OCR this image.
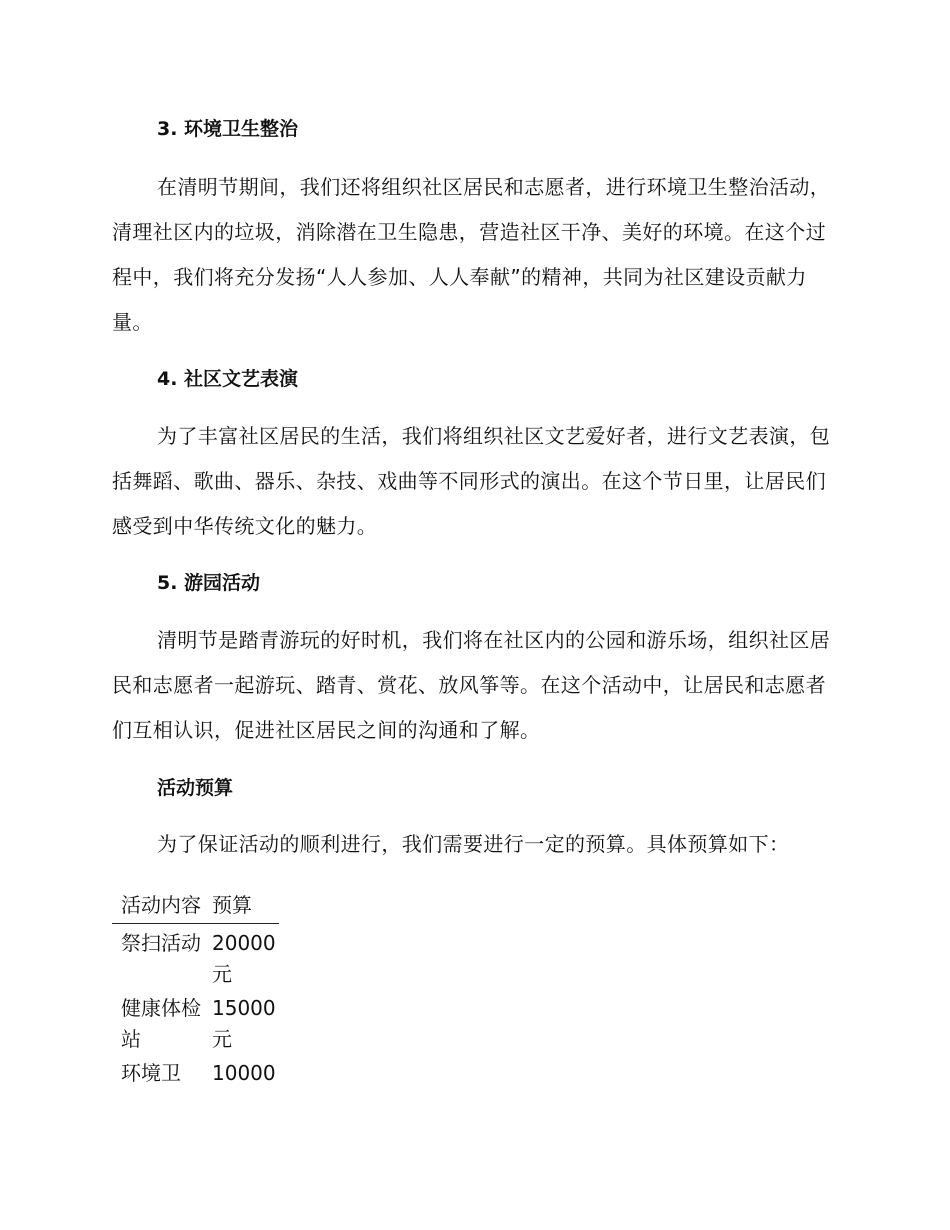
3. 环境卫生整治

在清明节期间，我们还将组织社区居民和志愿者，进行环境卫生整治活动，清理社区内的垃圾，消除潜在卫生隐患，营造社区干净、美好的环境。在这个过程中，我们将充分发扬“人人参加、人人奉献”的精神，共同为社区建设贡献力量。

4. 社区文艺表演

为了丰富社区居民的生活，我们将组织社区文艺爱好者，进行文艺表演，包括舞蹈、歌曲、器乐、杂技、戏曲等不同形式的演出。在这个节日里，让居民们感受到中华传统文化的魅力。

5. 游园活动

清明节是踏青游玩的好时机，我们将在社区内的公园和游乐场，组织社区居民和志愿者一起游玩、踏青、赏花、放风筝等。在这个活动中，让居民和志愿者们互相认识，促进社区居民之间的沟通和了解。

活动预算

为了保证活动的顺利进行，我们需要进行一定的预算。具体预算如下：

活动内容	预算
祭扫活动	20000元
健康体检站	15000元
环境卫	10000
